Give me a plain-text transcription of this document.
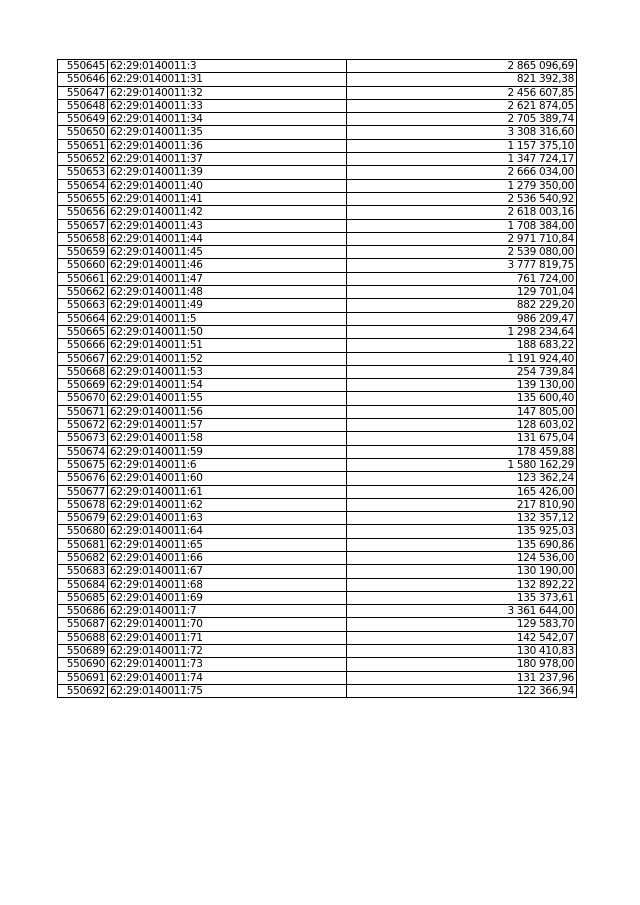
550645	62:29:0140011:3	2 865 096,69
550646	62:29:0140011:31	821 392,38
550647	62:29:0140011:32	2 456 607,85
550648	62:29:0140011:33	2 621 874,05
550649	62:29:0140011:34	2 705 389,74
550650	62:29:0140011:35	3 308 316,60
550651	62:29:0140011:36	1 157 375,10
550652	62:29:0140011:37	1 347 724,17
550653	62:29:0140011:39	2 666 034,00
550654	62:29:0140011:40	1 279 350,00
550655	62:29:0140011:41	2 536 540,92
550656	62:29:0140011:42	2 618 003,16
550657	62:29:0140011:43	1 708 384,00
550658	62:29:0140011:44	2 971 710,84
550659	62:29:0140011:45	2 539 080,00
550660	62:29:0140011:46	3 777 819,75
550661	62:29:0140011:47	761 724,00
550662	62:29:0140011:48	129 701,04
550663	62:29:0140011:49	882 229,20
550664	62:29:0140011:5	986 209,47
550665	62:29:0140011:50	1 298 234,64
550666	62:29:0140011:51	188 683,22
550667	62:29:0140011:52	1 191 924,40
550668	62:29:0140011:53	254 739,84
550669	62:29:0140011:54	139 130,00
550670	62:29:0140011:55	135 600,40
550671	62:29:0140011:56	147 805,00
550672	62:29:0140011:57	128 603,02
550673	62:29:0140011:58	131 675,04
550674	62:29:0140011:59	178 459,88
550675	62:29:0140011:6	1 580 162,29
550676	62:29:0140011:60	123 362,24
550677	62:29:0140011:61	165 426,00
550678	62:29:0140011:62	217 810,90
550679	62:29:0140011:63	132 357,12
550680	62:29:0140011:64	135 925,03
550681	62:29:0140011:65	135 690,86
550682	62:29:0140011:66	124 536,00
550683	62:29:0140011:67	130 190,00
550684	62:29:0140011:68	132 892,22
550685	62:29:0140011:69	135 373,61
550686	62:29:0140011:7	3 361 644,00
550687	62:29:0140011:70	129 583,70
550688	62:29:0140011:71	142 542,07
550689	62:29:0140011:72	130 410,83
550690	62:29:0140011:73	180 978,00
550691	62:29:0140011:74	131 237,96
550692	62:29:0140011:75	122 366,94
